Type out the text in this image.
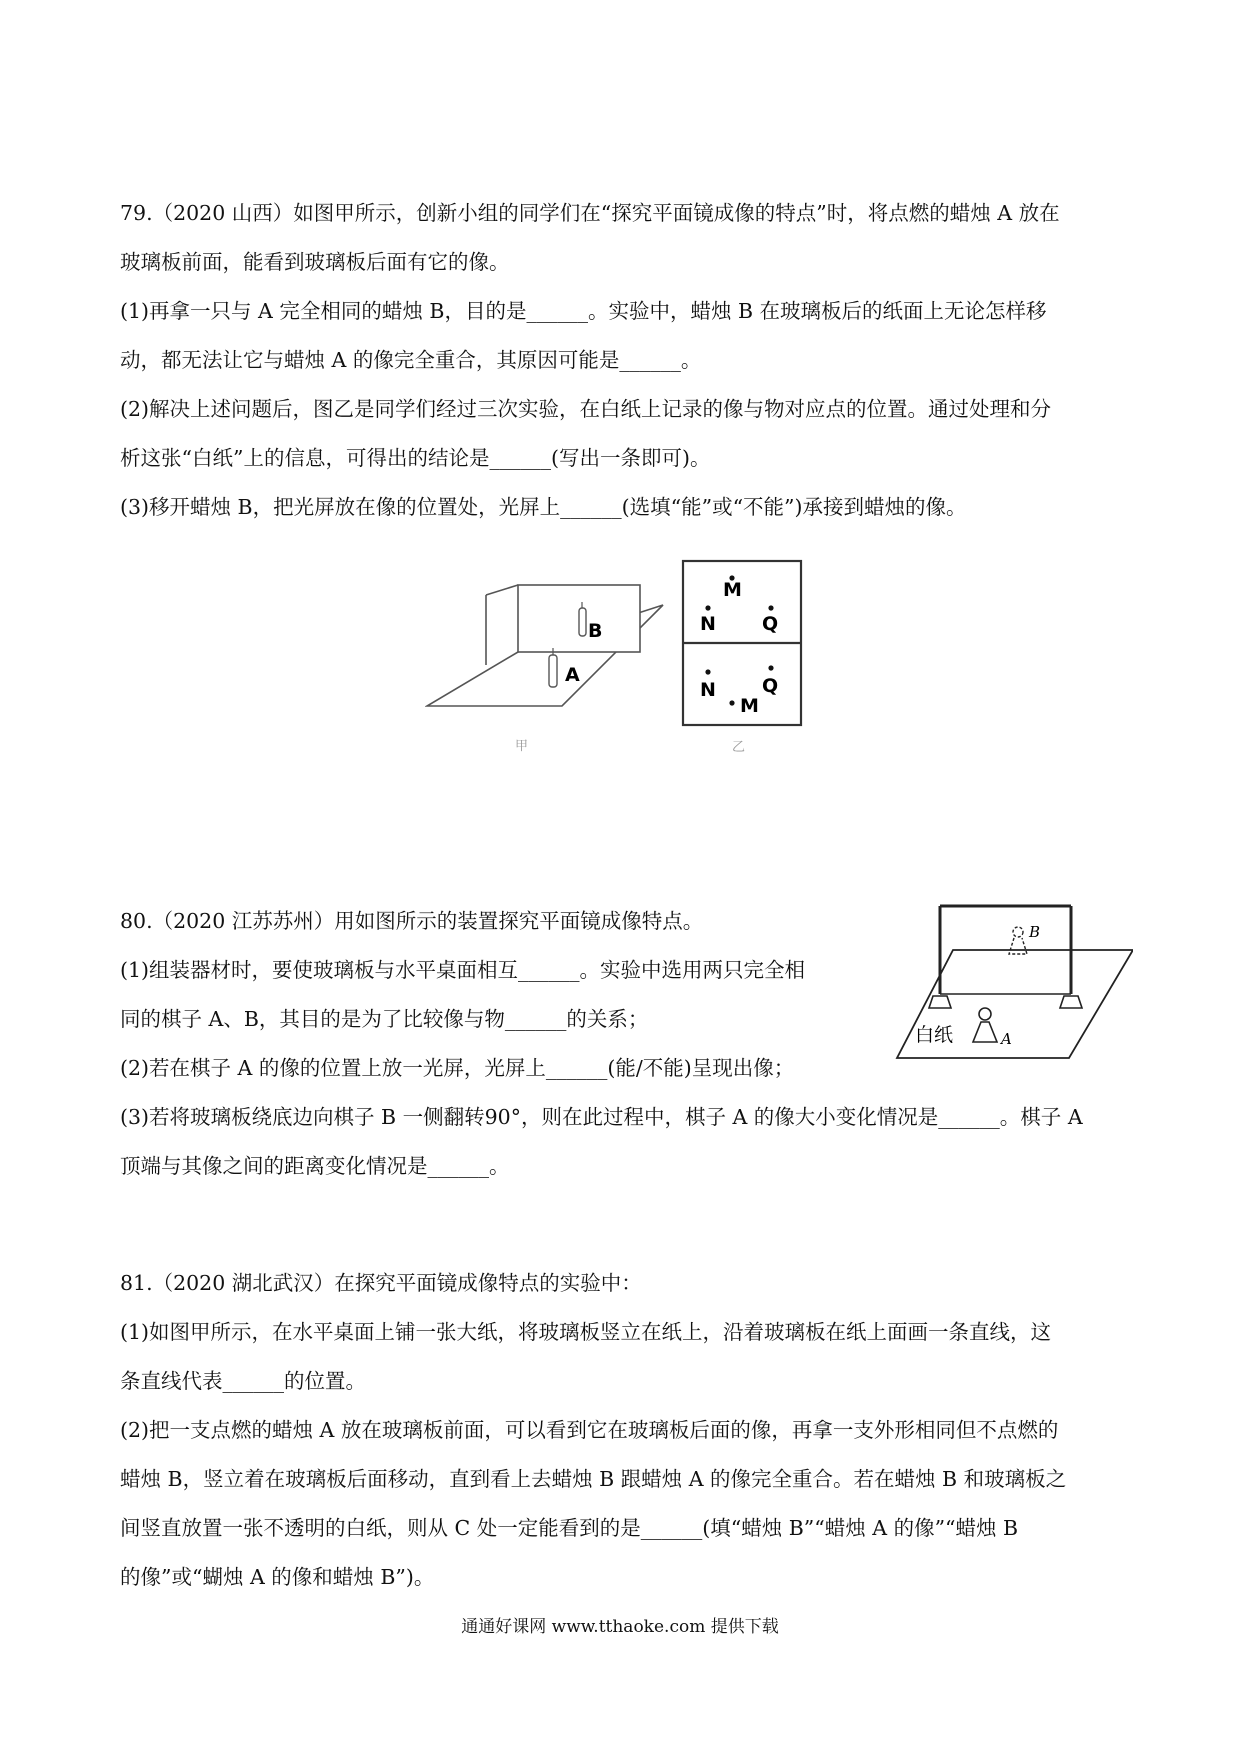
79.（2020 山西）如图甲所示，创新小组的同学们在“探究平面镜成像的特点”时，将点燃的蜡烛 A 放在

玻璃板前面，能看到玻璃板后面有它的像。

(1)再拿一只与 A 完全相同的蜡烛 B，目的是______。实验中，蜡烛 B 在玻璃板后的纸面上无论怎样移

动，都无法让它与蜡烛 A 的像完全重合，其原因可能是______。

(2)解决上述问题后，图乙是同学们经过三次实验，在白纸上记录的像与物对应点的位置。通过处理和分

析这张“白纸”上的信息，可得出的结论是______(写出一条即可)。

(3)移开蜡烛 B，把光屏放在像的位置处，光屏上______(选填“能”或“不能”)承接到蜡烛的像。

B
A
甲
M
N Q
N Q
M
乙

80.（2020 江苏苏州）用如图所示的装置探究平面镜成像特点。

(1)组装器材时，要使玻璃板与水平桌面相互______。实验中选用两只完全相

同的棋子 A、B，其目的是为了比较像与物______的关系；

(2)若在棋子 A 的像的位置上放一光屏，光屏上______(能/不能)呈现出像；

(3)若将玻璃板绕底边向棋子 B 一侧翻转90°，则在此过程中，棋子 A 的像大小变化情况是______。棋子 A

顶端与其像之间的距离变化情况是______。

B
白纸	A

81.（2020 湖北武汉）在探究平面镜成像特点的实验中：

(1)如图甲所示，在水平桌面上铺一张大纸，将玻璃板竖立在纸上，沿着玻璃板在纸上面画一条直线，这

条直线代表______的位置。

(2)把一支点燃的蜡烛 A 放在玻璃板前面，可以看到它在玻璃板后面的像，再拿一支外形相同但不点燃的

蜡烛 B，竖立着在玻璃板后面移动，直到看上去蜡烛 B 跟蜡烛 A 的像完全重合。若在蜡烛 B 和玻璃板之

间竖直放置一张不透明的白纸，则从 C 处一定能看到的是______(填“蜡烛 B”“蜡烛 A 的像”“蜡烛 B

的像”或“蝴烛 A 的像和蜡烛 B”)。

通通好课网 www.tthaoke.com 提供下载
